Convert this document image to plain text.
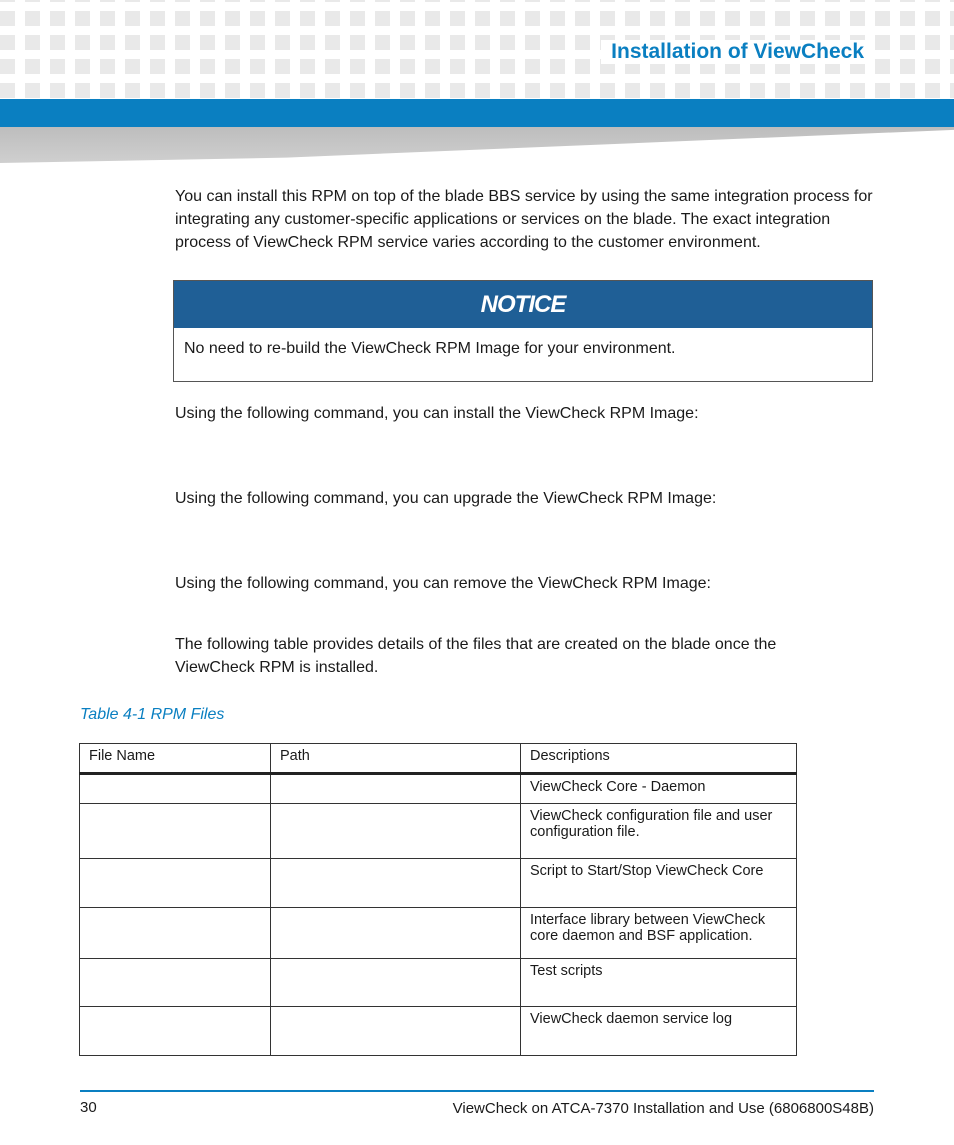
Installation of ViewCheck
You can install this RPM on top of the blade BBS service by using the same integration process for integrating any customer-specific applications or services on the blade. The exact integration process of ViewCheck RPM service varies according to the customer environment.
NOTICE
No need to re-build the ViewCheck RPM Image for your environment.
Using the following command, you can install the ViewCheck RPM Image:
Using the following command, you can upgrade the ViewCheck RPM Image:
Using the following command, you can remove the ViewCheck RPM Image:
The following table provides details of the files that are created on the blade once the ViewCheck RPM is installed.
Table 4-1 RPM Files
File Name	Path	Descriptions
		ViewCheck Core - Daemon
		ViewCheck configuration file and user configuration file.
		Script to Start/Stop ViewCheck Core
		Interface library between ViewCheck core daemon and BSF application.
		Test scripts
		ViewCheck daemon service log
30	ViewCheck on ATCA-7370 Installation and Use (6806800S48B)
